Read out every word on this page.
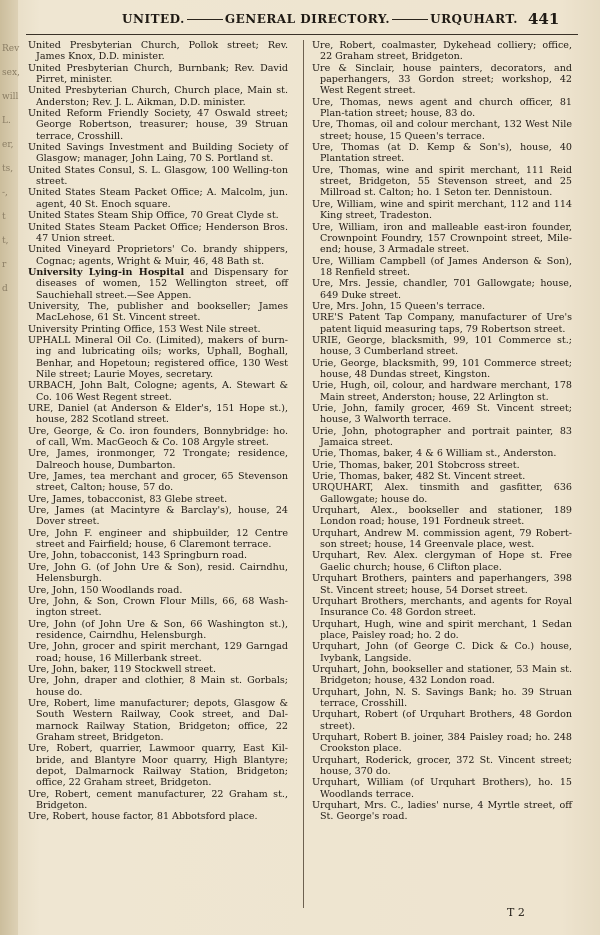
Rev
sex,
will
L.
er,
ts,
-,
t
t,
r
d
UNITED.	GENERAL DIRECTORY.	URQUHART. 441

United Presbyterian Church, Pollok street; Rev. James Knox, D.D. minister.

United Presbyterian Church, Burnbank; Rev. David Pirret, minister.

United Presbyterian Church, Church place, Main st. Anderston; Rev. J. L. Aikman, D.D. minister.

United Reform Friendly Society, 47 Oswald street; George Robertson, treasurer; house, 39 Struan terrace, Crosshill.

United Savings Investment and Building Society of Glasgow; manager, John Laing, 70 S. Portland st.

United States Consul, S. L. Glasgow, 100 Welling-ton street.

United States Steam Packet Office; A. Malcolm, jun. agent, 40 St. Enoch square.

United States Steam Ship Office, 70 Great Clyde st.

United States Steam Packet Office; Henderson Bros. 47 Union street.

United Vineyard Proprietors' Co. brandy shippers, Cognac; agents, Wright & Muir, 46, 48 Bath st.

University Lying-in Hospital and Dispensary for diseases of women, 152 Wellington street, off Sauchiehall street.—See Appen.

University, The, publisher and bookseller; James MacLehose, 61 St. Vincent street.

University Printing Office, 153 West Nile street.

UPHALL Mineral Oil Co. (Limited), makers of burn-ing and lubricating oils; works, Uphall, Boghall, Benhar, and Hopetoun; registered office, 130 West Nile street; Laurie Moyes, secretary.

URBACH, John Balt, Cologne; agents, A. Stewart & Co. 106 West Regent street.

URE, Daniel (at Anderson & Elder's, 151 Hope st.), house, 282 Scotland street.

Ure, George, & Co. iron founders, Bonnybridge: ho. of call, Wm. MacGeoch & Co. 108 Argyle street.

Ure, James, ironmonger, 72 Trongate; residence, Dalreoch house, Dumbarton.

Ure, James, tea merchant and grocer, 65 Stevenson street, Calton; house, 57 do.

Ure, James, tobacconist, 83 Glebe street.

Ure, James (at Macintyre & Barclay's), house, 24 Dover street.

Ure, John F. engineer and shipbuilder, 12 Centre street and Fairfield; house, 6 Claremont terrace.

Ure, John, tobacconist, 143 Springburn road.

Ure, John G. (of John Ure & Son), resid. Cairndhu, Helensburgh.

Ure, John, 150 Woodlands road.

Ure, John, & Son, Crown Flour Mills, 66, 68 Wash-ington street.

Ure, John (of John Ure & Son, 66 Washington st.), residence, Cairndhu, Helensburgh.

Ure, John, grocer and spirit merchant, 129 Garngad road; house, 16 Millerbank street.

Ure, John, baker, 119 Stockwell street.

Ure, John, draper and clothier, 8 Main st. Gorbals; house do.

Ure, Robert, lime manufacturer; depots, Glasgow & South Western Railway, Cook street, and Dal-marnock Railway Station, Bridgeton; office, 22 Graham street, Bridgeton.

Ure, Robert, quarrier, Lawmoor quarry, East Kil-bride, and Blantyre Moor quarry, High Blantyre; depot, Dalmarnock Railway Station, Bridgeton; office, 22 Graham street, Bridgeton.

Ure, Robert, cement manufacturer, 22 Graham st., Bridgeton.

Ure, Robert, house factor, 81 Abbotsford place.

Ure, Robert, coalmaster, Dykehead colliery; office, 22 Graham street, Bridgeton.

Ure & Sinclair, house painters, decorators, and paperhangers, 33 Gordon street; workshop, 42 West Regent street.

Ure, Thomas, news agent and church officer, 81 Plan-tation street; house, 83 do.

Ure, Thomas, oil and colour merchant, 132 West Nile street; house, 15 Queen's terrace.

Ure, Thomas (at D. Kemp & Son's), house, 40 Plantation street.

Ure, Thomas, wine and spirit merchant, 111 Reid street, Bridgeton, 55 Stevenson street, and 25 Millroad st. Calton; ho. 1 Seton ter. Dennistoun.

Ure, William, wine and spirit merchant, 112 and 114 King street, Tradeston.

Ure, William, iron and malleable east-iron founder, Crownpoint Foundry, 157 Crownpoint street, Mile-end; house, 3 Armadale street.

Ure, William Campbell (of James Anderson & Son), 18 Renfield street.

Ure, Mrs. Jessie, chandler, 701 Gallowgate; house, 649 Duke street.

Ure, Mrs. John, 15 Queen's terrace.

URE'S Patent Tap Company, manufacturer of Ure's patent liquid measuring taps, 79 Robertson street.

URIE, George, blacksmith, 99, 101 Commerce st.; house, 3 Cumberland street.

Urie, George, blacksmith, 99, 101 Commerce street; house, 48 Dundas street, Kingston.

Urie, Hugh, oil, colour, and hardware merchant, 178 Main street, Anderston; house, 22 Arlington st.

Urie, John, family grocer, 469 St. Vincent street; house, 3 Walworth terrace.

Urie, John, photographer and portrait painter, 83 Jamaica street.

Urie, Thomas, baker, 4 & 6 William st., Anderston.

Urie, Thomas, baker, 201 Stobcross street.

Urie, Thomas, baker, 482 St. Vincent street.

URQUHART, Alex. tinsmith and gasfitter, 636 Gallowgate; house do.

Urquhart, Alex., bookseller and stationer, 189 London road; house, 191 Fordneuk street.

Urquhart, Andrew M. commission agent, 79 Robert-son street; house, 14 Greenvale place, west.

Urquhart, Rev. Alex. clergyman of Hope st. Free Gaelic church; house, 6 Clifton place.

Urquhart Brothers, painters and paperhangers, 398 St. Vincent street; house, 54 Dorset street.

Urquhart Brothers, merchants, and agents for Royal Insurance Co. 48 Gordon street.

Urquhart, Hugh, wine and spirit merchant, 1 Sedan place, Paisley road; ho. 2 do.

Urquhart, John (of George C. Dick & Co.) house, Ivybank, Langside.

Urquhart, John, bookseller and stationer, 53 Main st. Bridgeton; house, 432 London road.

Urquhart, John, N. S. Savings Bank; ho. 39 Struan terrace, Crosshill.

Urquhart, Robert (of Urquhart Brothers, 48 Gordon street).

Urquhart, Robert B. joiner, 384 Paisley road; ho. 248 Crookston place.

Urquhart, Roderick, grocer, 372 St. Vincent street; house, 370 do.

Urquhart, William (of Urquhart Brothers), ho. 15 Woodlands terrace.

Urquhart, Mrs. C., ladies' nurse, 4 Myrtle street, off St. George's road.

T 2
